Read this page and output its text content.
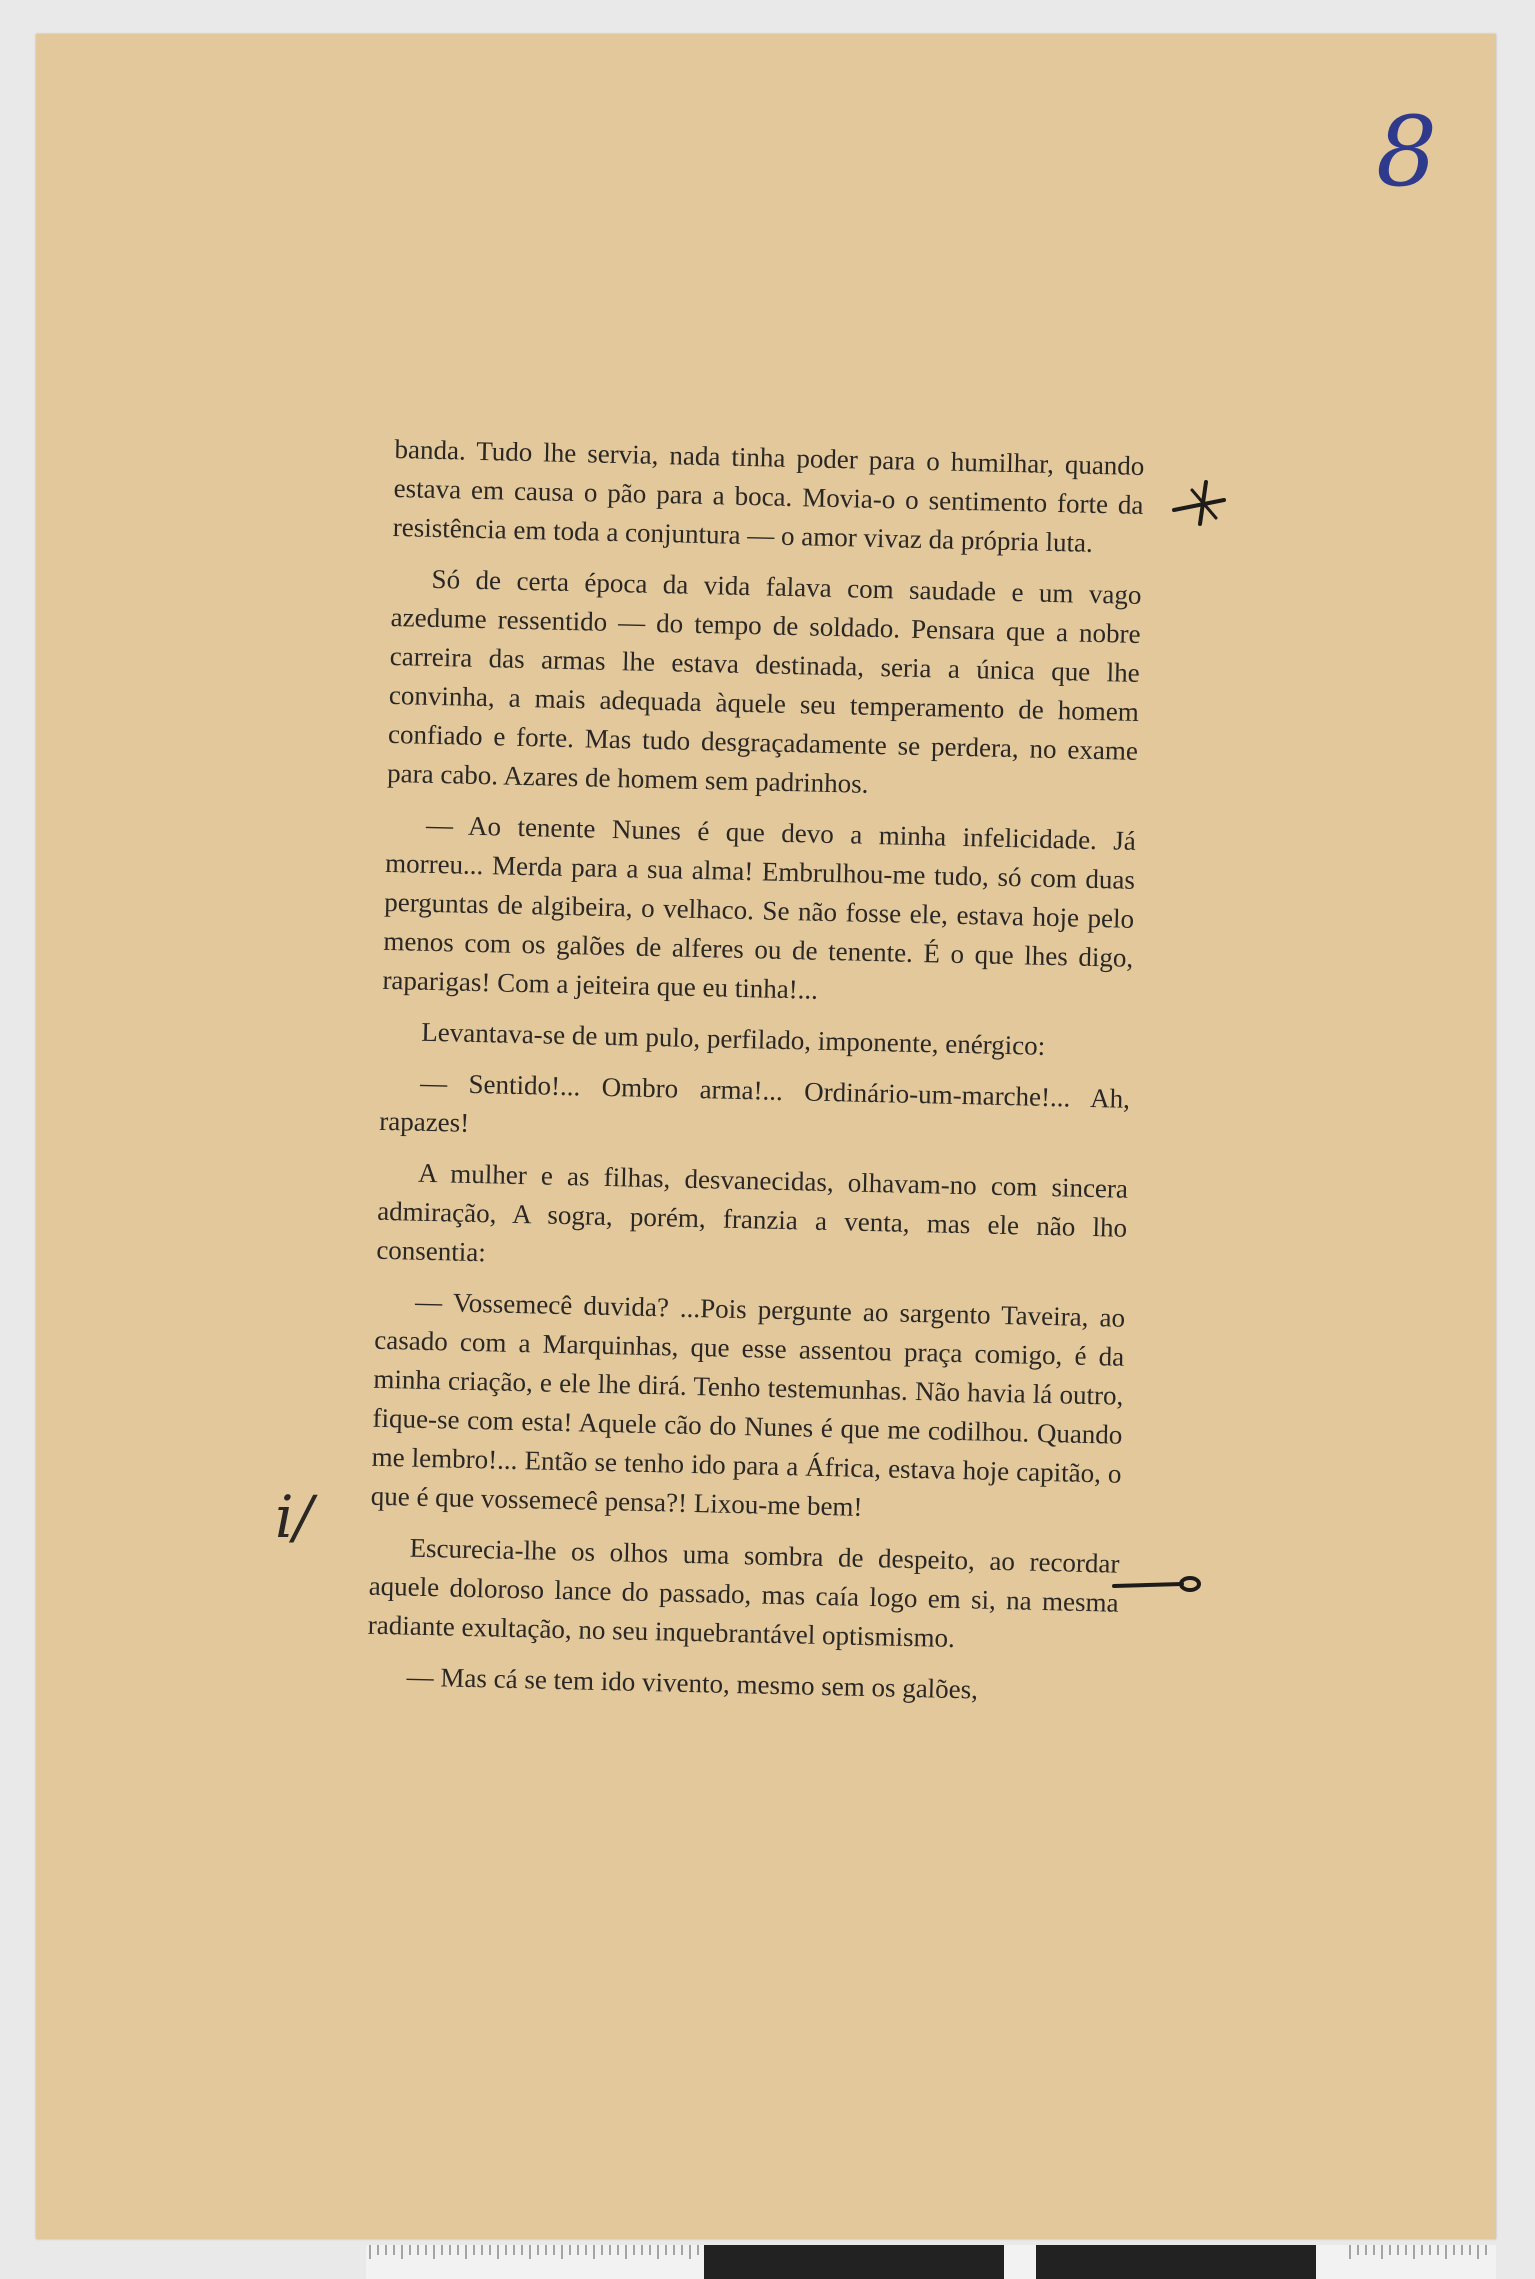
8
i/

banda. Tudo lhe servia, nada tinha poder para o humilhar, quando estava em causa o pão para a boca. Movia-o o sentimento forte da resistência em toda a conjuntura — o amor vivaz da própria luta.

Só de certa época da vida falava com saudade e um vago azedume ressentido — do tempo de soldado. Pensara que a nobre carreira das armas lhe estava destinada, seria a única que lhe convinha, a mais adequada àquele seu temperamento de homem confiado e forte. Mas tudo desgraçadamente se perdera, no exame para cabo. Azares de homem sem padrinhos.

— Ao tenente Nunes é que devo a minha infelicidade. Já morreu... Merda para a sua alma! Embrulhou-me tudo, só com duas perguntas de algibeira, o velhaco. Se não fosse ele, estava hoje pelo menos com os galões de alferes ou de tenente. É o que lhes digo, raparigas! Com a jeiteira que eu tinha!...

Levantava-se de um pulo, perfilado, imponente, enérgico:

— Sentido!... Ombro arma!... Ordinário-um-marche!... Ah, rapazes!

A mulher e as filhas, desvanecidas, olhavam-no com sincera admiração, A sogra, porém, franzia a venta, mas ele não lho consentia:

— Vossemecê duvida? ...Pois pergunte ao sargento Taveira, ao casado com a Marquinhas, que esse assentou praça comigo, é da minha criação, e ele lhe dirá. Tenho testemunhas. Não havia lá outro, fique-se com esta! Aquele cão do Nunes é que me codilhou. Quando me lembro!... Então se tenho ido para a África, estava hoje capitão, o que é que vossemecê pensa?! Lixou-me bem!

Escurecia-lhe os olhos uma sombra de despeito, ao recordar aquele doloroso lance do passado, mas caía logo em si, na mesma radiante exultação, no seu inquebrantável optismismo.

— Mas cá se tem ido vivento, mesmo sem os galões,
